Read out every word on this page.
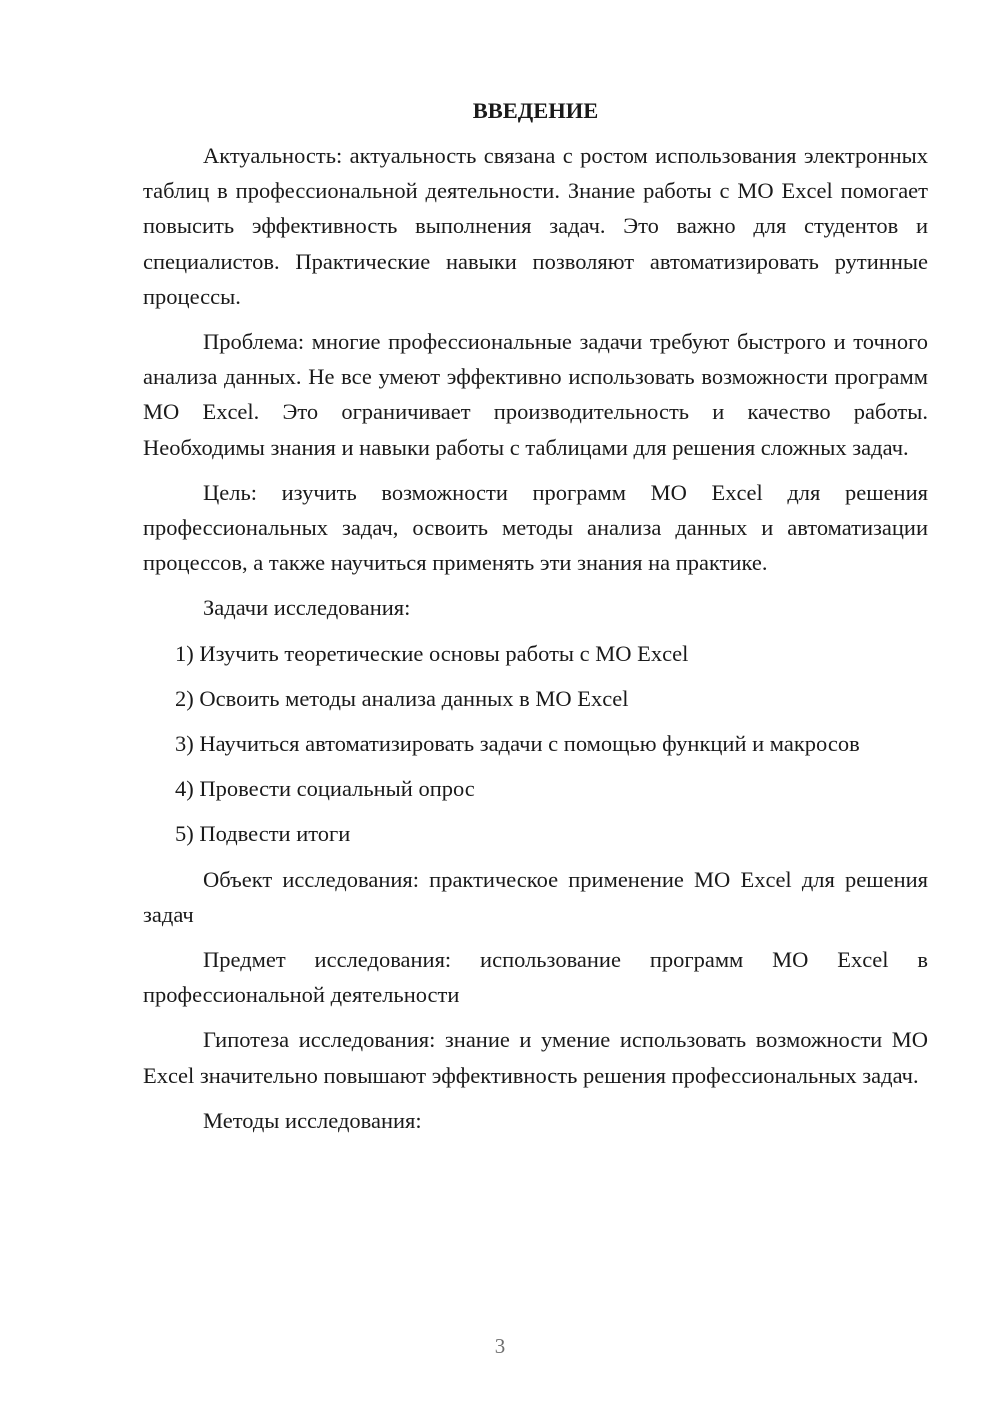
ВВЕДЕНИЕ

Актуальность: актуальность связана с ростом использования электронных таблиц в профессиональной деятельности. Знание работы с МО Excel помогает повысить эффективность выполнения задач. Это важно для студентов и специалистов. Практические навыки позволяют автоматизировать рутинные процессы.

Проблема: многие профессиональные задачи требуют быстрого и точного анализа данных. Не все умеют эффективно использовать возможности программ МО Excel. Это ограничивает производительность и качество работы. Необходимы знания и навыки работы с таблицами для решения сложных задач.

Цель: изучить возможности программ МО Excel для решения профессиональных задач, освоить методы анализа данных и автоматизации процессов, а также научиться применять эти знания на практике.

Задачи исследования:

1) Изучить теоретические основы работы с МО Excel

2) Освоить методы анализа данных в МО Excel

3) Научиться автоматизировать задачи с помощью функций и макросов

4) Провести социальный опрос

5) Подвести итоги

Объект исследования: практическое применение МО Excel для решения задач

Предмет исследования: использование программ МО Excel в профессиональной деятельности

Гипотеза исследования: знание и умение использовать возможности МО Excel значительно повышают эффективность решения профессиональных задач.

Методы исследования:

3
